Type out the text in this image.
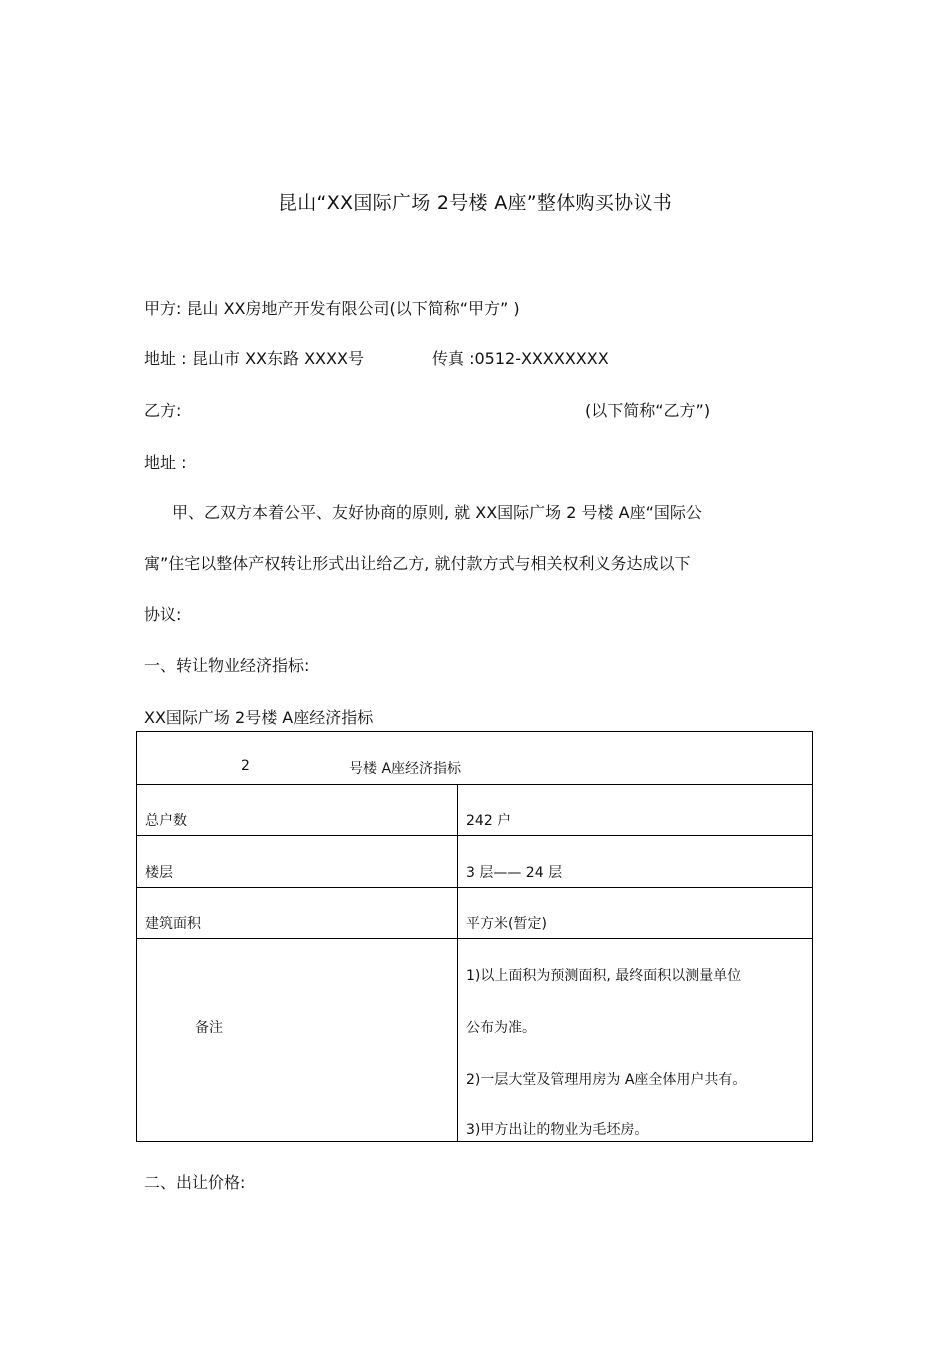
昆山“XX国际广场 2号楼 A座”整体购买协议书
甲方: 昆山 XX房地产开发有限公司(以下简称“甲方” )
地址 : 昆山市 XX东路 XXXX号	传真 :0512-XXXXXXXX
乙方:	(以下简称“乙方”)
地址 :
甲、乙双方本着公平、友好协商的原则, 就 XX国际广场 2 号楼 A座“国际公
寓”住宅以整体产权转让形式出让给乙方, 就付款方式与相关权利义务达成以下
协议:
一、转让物业经济指标:
XX国际广场 2号楼 A座经济指标
2	号楼 A座经济指标
总户数	242 户
楼层	3 层—— 24 层
建筑面积	平方米(暂定)
备注
1)以上面积为预测面积, 最终面积以测量单位
公布为准。
2)一层大堂及管理用房为 A座全体用户共有。
3)甲方出让的物业为毛坯房。
二、出让价格:
